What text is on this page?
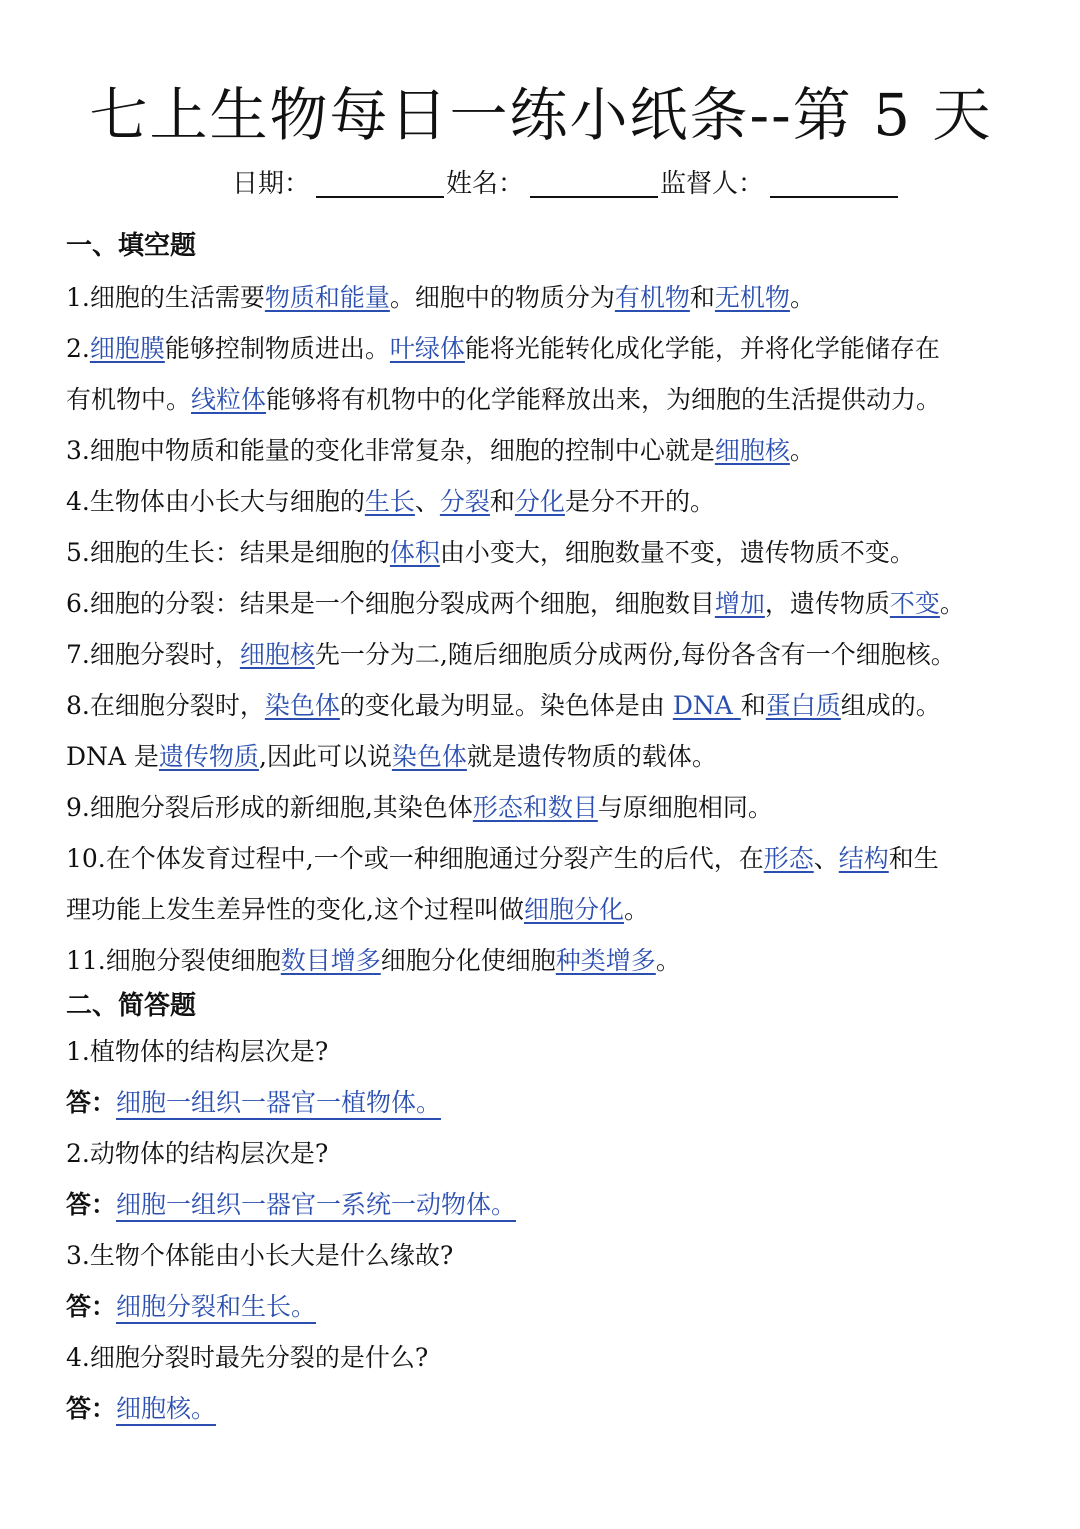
七上生物每日一练小纸条--第 5 天
日期：	姓名：	监督人：
一、填空题
1.细胞的生活需要物质和能量。细胞中的物质分为有机物和无机物。
2.细胞膜能够控制物质进出。叶绿体能将光能转化成化学能，并将化学能储存在
有机物中。线粒体能够将有机物中的化学能释放出来，为细胞的生活提供动力。
3.细胞中物质和能量的变化非常复杂，细胞的控制中心就是细胞核。
4.生物体由小长大与细胞的生长、分裂和分化是分不开的。
5.细胞的生长：结果是细胞的体积由小变大，细胞数量不变，遗传物质不变。
6.细胞的分裂：结果是一个细胞分裂成两个细胞，细胞数目增加，遗传物质不变。
7.细胞分裂时，细胞核先一分为二,随后细胞质分成两份,每份各含有一个细胞核。
8.在细胞分裂时，染色体的变化最为明显。染色体是由 DNA 和蛋白质组成的。
DNA 是遗传物质,因此可以说染色体就是遗传物质的载体。
9.细胞分裂后形成的新细胞,其染色体形态和数目与原细胞相同。
10.在个体发育过程中,一个或一种细胞通过分裂产生的后代，在形态、结构和生
理功能上发生差异性的变化,这个过程叫做细胞分化。
11.细胞分裂使细胞数目增多细胞分化使细胞种类增多。
二、简答题
1.植物体的结构层次是?
答：细胞一组织一器官一植物体。
2.动物体的结构层次是?
答：细胞一组织一器官一系统一动物体。
3.生物个体能由小长大是什么缘故?
答：细胞分裂和生长。
4.细胞分裂时最先分裂的是什么?
答：细胞核。
